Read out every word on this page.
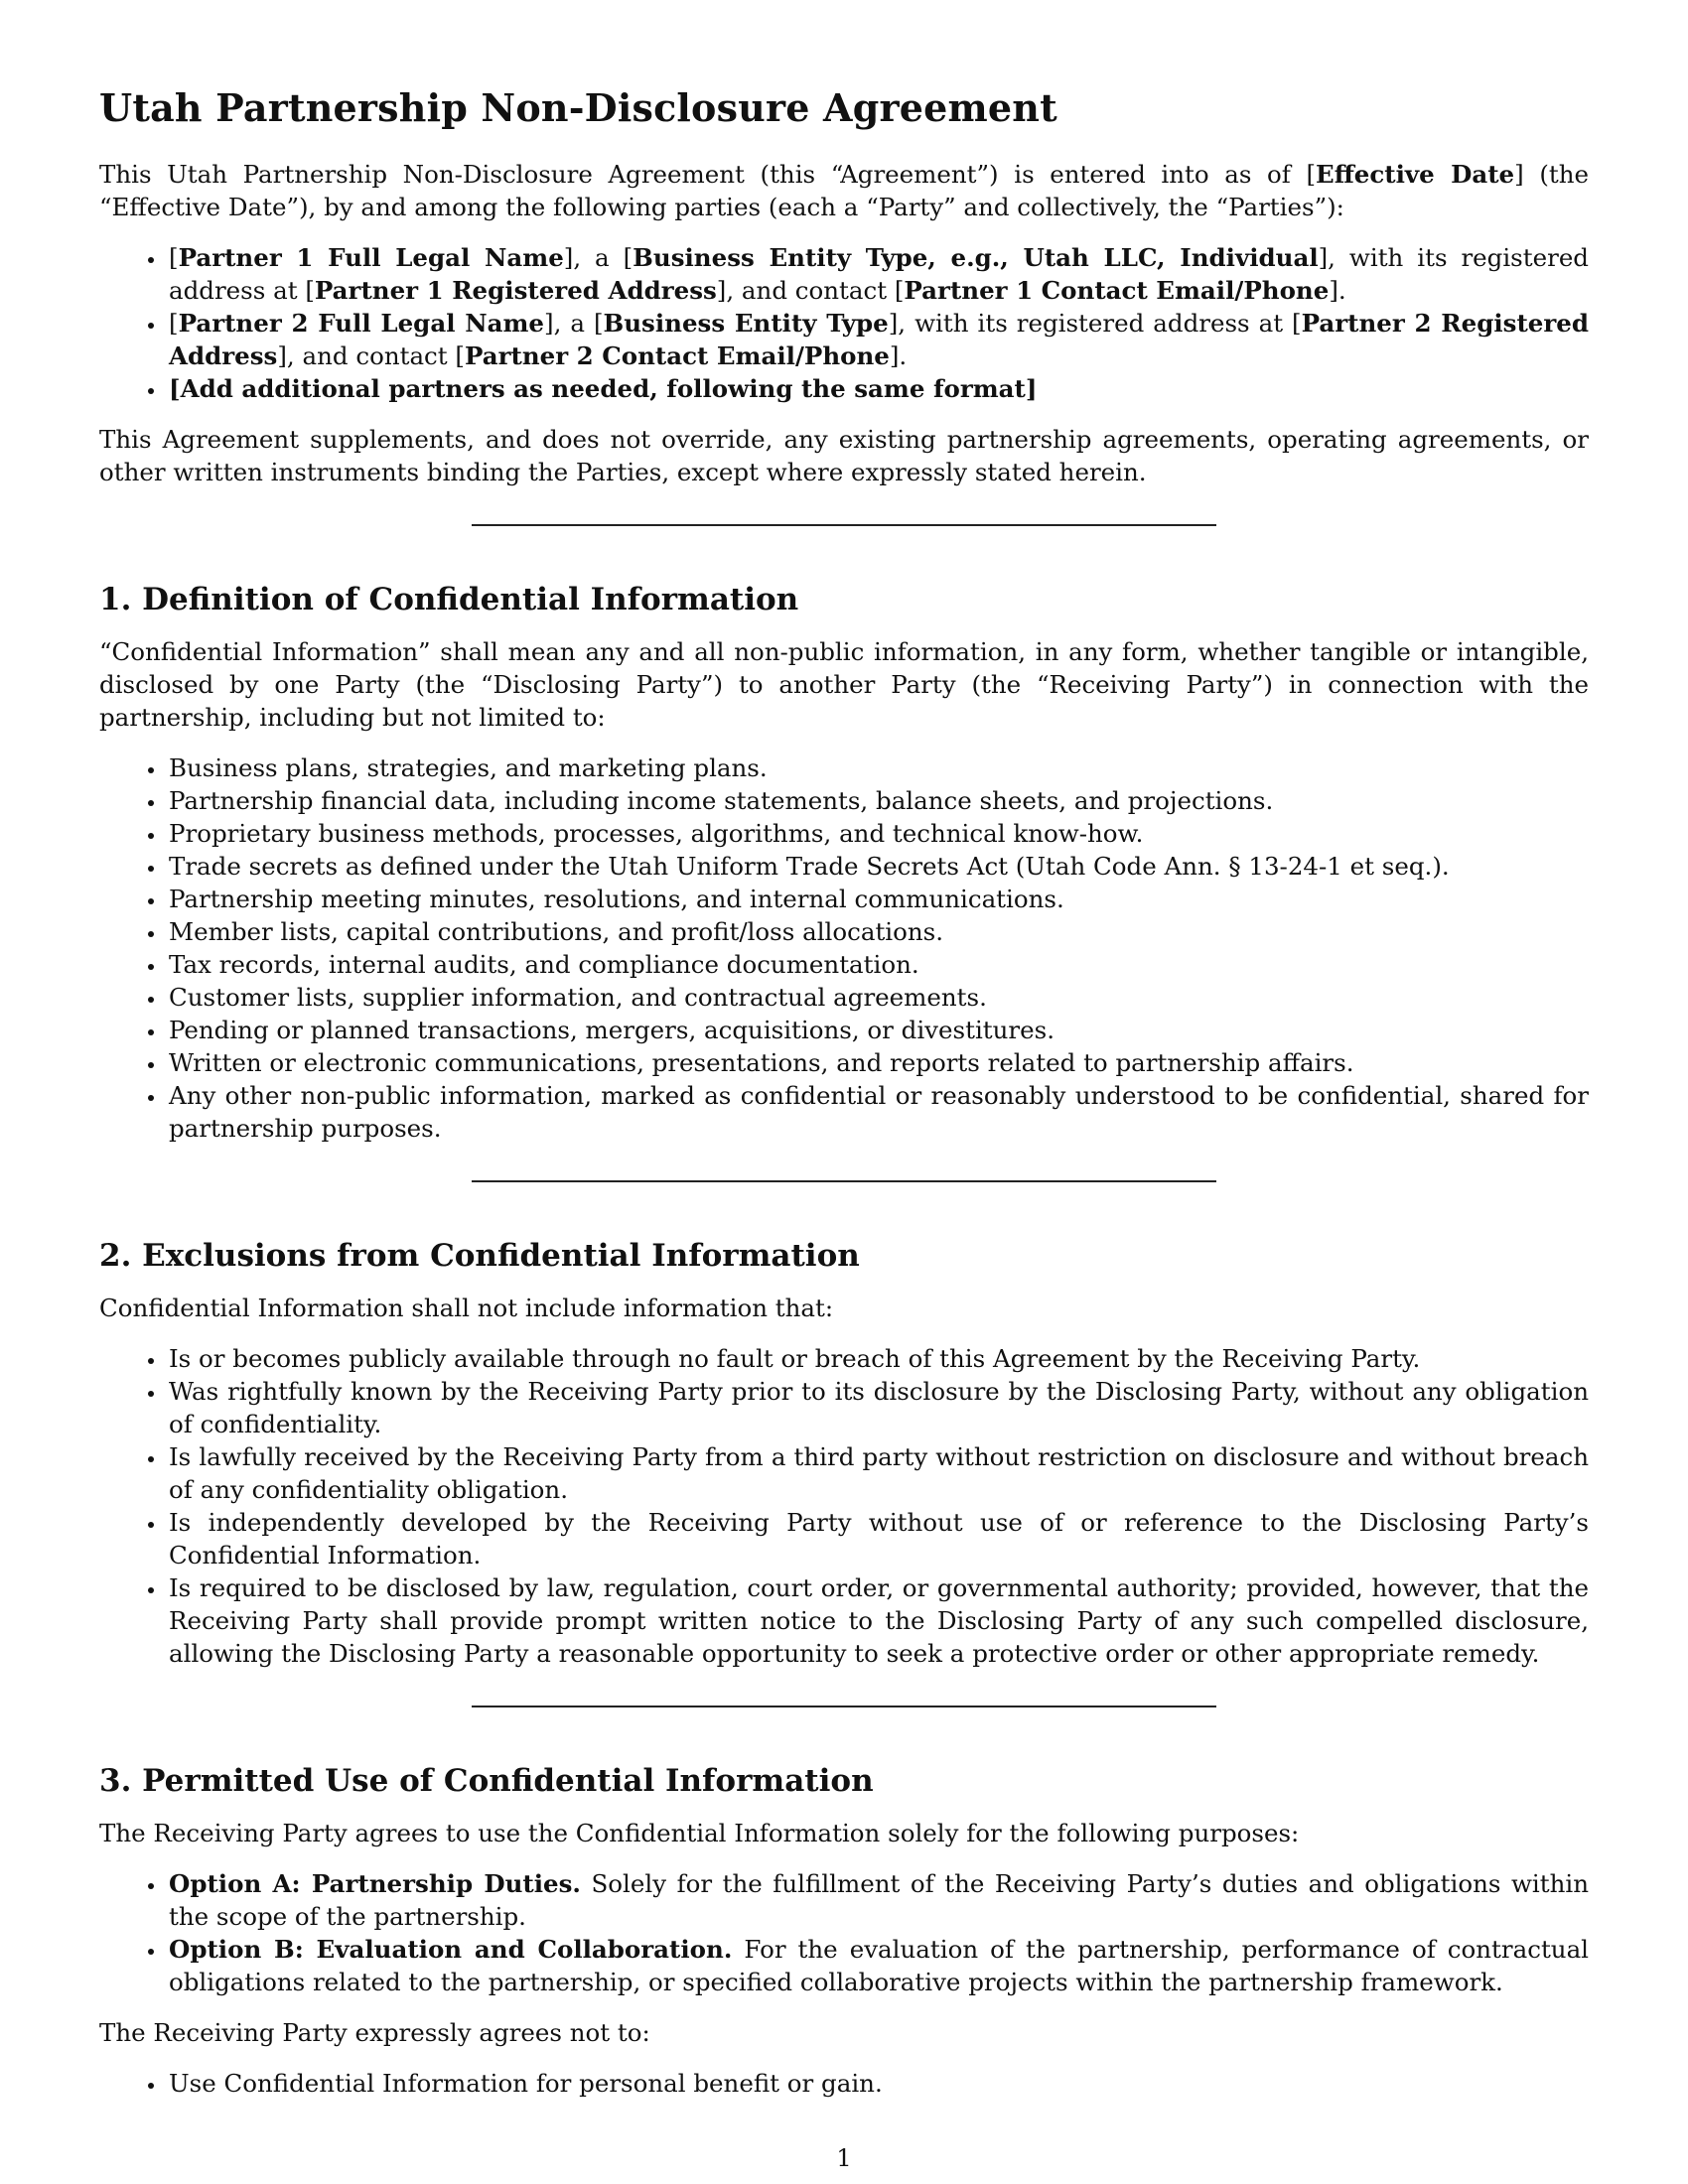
Utah Partnership Non-Disclosure Agreement

This Utah Partnership Non-Disclosure Agreement (this “Agreement”) is entered into as of [Effective Date] (the “Effective Date”), by and among the following parties (each a “Party” and collectively, the “Parties”):

• [Partner 1 Full Legal Name], a [Business Entity Type, e.g., Utah LLC, Individual], with its registered address at [Partner 1 Registered Address], and contact [Partner 1 Contact Email/Phone].
• [Partner 2 Full Legal Name], a [Business Entity Type], with its registered address at [Partner 2 Registered Address], and contact [Partner 2 Contact Email/Phone].
• [Add additional partners as needed, following the same format]

This Agreement supplements, and does not override, any existing partnership agreements, operating agreements, or other written instruments binding the Parties, except where expressly stated herein.

1. Definition of Confidential Information

“Confidential Information” shall mean any and all non-public information, in any form, whether tangible or intangible, disclosed by one Party (the “Disclosing Party”) to another Party (the “Receiving Party”) in connection with the partnership, including but not limited to:

• Business plans, strategies, and marketing plans.
• Partnership financial data, including income statements, balance sheets, and projections.
• Proprietary business methods, processes, algorithms, and technical know-how.
• Trade secrets as defined under the Utah Uniform Trade Secrets Act (Utah Code Ann. § 13-24-1 et seq.).
• Partnership meeting minutes, resolutions, and internal communications.
• Member lists, capital contributions, and profit/loss allocations.
• Tax records, internal audits, and compliance documentation.
• Customer lists, supplier information, and contractual agreements.
• Pending or planned transactions, mergers, acquisitions, or divestitures.
• Written or electronic communications, presentations, and reports related to partnership affairs.
• Any other non-public information, marked as confidential or reasonably understood to be confidential, shared for partnership purposes.
2. Exclusions from Confidential Information

Confidential Information shall not include information that:

• Is or becomes publicly available through no fault or breach of this Agreement by the Receiving Party.
• Was rightfully known by the Receiving Party prior to its disclosure by the Disclosing Party, without any obligation of confidentiality.
• Is lawfully received by the Receiving Party from a third party without restriction on disclosure and without breach of any confidentiality obligation.
• Is independently developed by the Receiving Party without use of or reference to the Disclosing Party’s Confidential Information.
• Is required to be disclosed by law, regulation, court order, or governmental authority; provided, however, that the Receiving Party shall provide prompt written notice to the Disclosing Party of any such compelled disclosure, allowing the Disclosing Party a reasonable opportunity to seek a protective order or other appropriate remedy.
3. Permitted Use of Confidential Information

The Receiving Party agrees to use the Confidential Information solely for the following purposes:

• Option A: Partnership Duties. Solely for the fulfillment of the Receiving Party’s duties and obligations within the scope of the partnership.
• Option B: Evaluation and Collaboration. For the evaluation of the partnership, performance of contractual obligations related to the partnership, or specified collaborative projects within the partnership framework.

The Receiving Party expressly agrees not to:

• Use Confidential Information for personal benefit or gain.
1
